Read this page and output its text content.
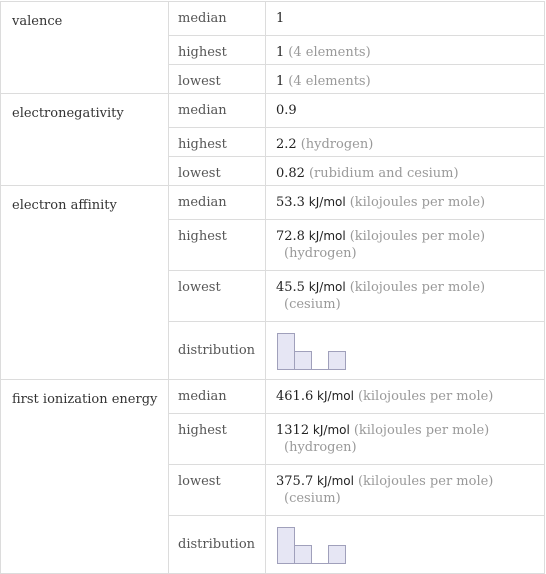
valence	median	1
	highest	1 (4 elements)
	lowest	1 (4 elements)
electronegativity	median	0.9
	highest	2.2 (hydrogen)
	lowest	0.82 (rubidium and cesium)
electron affinity	median	53.3 kJ/mol (kilojoules per mole)
	highest	72.8 kJ/mol (kilojoules per mole)
(hydrogen)

	lowest	45.5 kJ/mol (kilojoules per mole)
(cesium)

	distribution	

first ionization energy	median	461.6 kJ/mol (kilojoules per mole)
	highest	1312 kJ/mol (kilojoules per mole)
(hydrogen)

	lowest	375.7 kJ/mol (kilojoules per mole)
(cesium)

	distribution	
